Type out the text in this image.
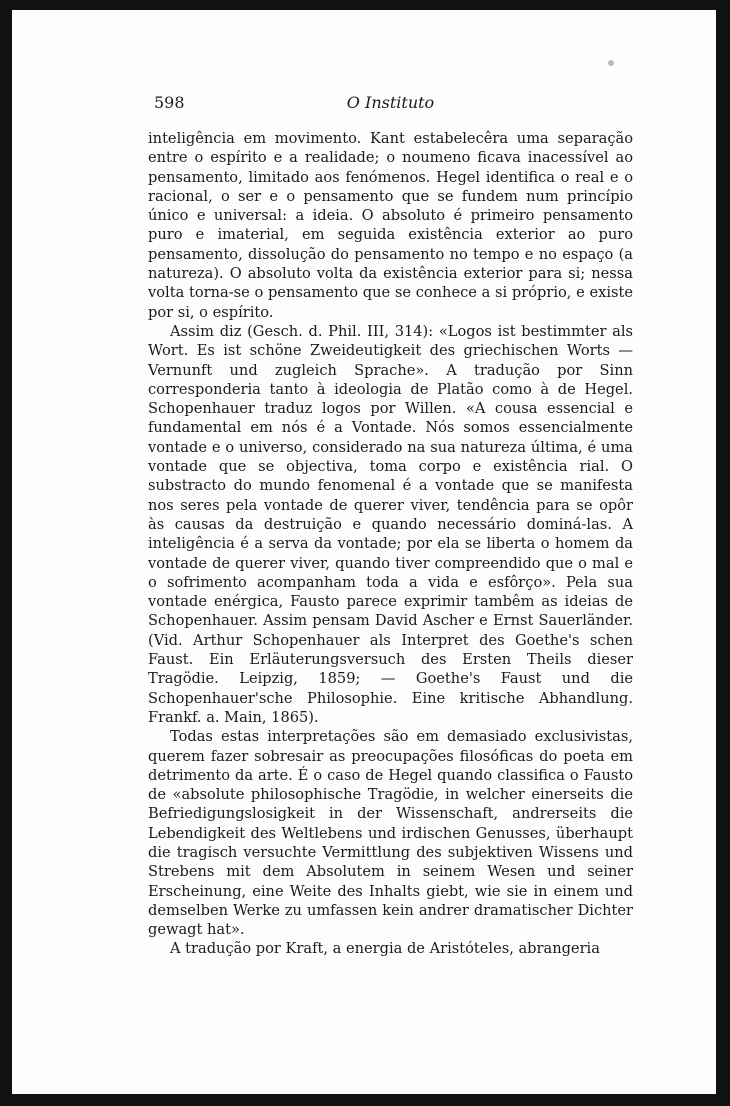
598	O Instituto

inteligência em movimento. Kant estabelecêra uma separação entre o espírito e a realidade; o noumeno ficava inacessível ao pensamento, limitado aos fenómenos. Hegel identifica o real e o racional, o ser e o pensamento que se fundem num princípio único e universal: a ideia. O absoluto é primeiro pensamento puro e imaterial, em seguida existência exterior ao puro pensamento, dissolução do pensamento no tempo e no espaço (a natureza). O absoluto volta da existência exterior para si; nessa volta torna-se o pensamento que se conhece a si próprio, e existe por si, o espírito.

Assim diz (Gesch. d. Phil. III, 314): «Logos ist bestimmter als Wort. Es ist schöne Zweideutigkeit des griechischen Worts — Vernunft und zugleich Sprache». A tradução por Sinn corresponderia tanto à ideologia de Platão como à de Hegel. Schopenhauer traduz logos por Willen. «A cousa essencial e fundamental em nós é a Vontade. Nós somos essencialmente vontade e o universo, considerado na sua natureza última, é uma vontade que se objectiva, toma corpo e existência rial. O substracto do mundo fenomenal é a vontade que se manifesta nos seres pela vontade de querer viver, tendência para se opôr às causas da destruição e quando necessário dominá-las. A inteligência é a serva da vontade; por ela se liberta o homem da vontade de querer viver, quando tiver compreendido que o mal e o sofrimento acompanham toda a vida e esfôrço». Pela sua vontade enérgica, Fausto parece exprimir tambêm as ideias de Schopenhauer. Assim pensam David Ascher e Ernst Sauerländer. (Vid. Arthur Schopenhauer als Interpret des Goethe's schen Faust. Ein Erläuterungsversuch des Ersten Theils dieser Tragödie. Leipzig, 1859; — Goethe's Faust und die Schopenhauer'sche Philosophie. Eine kritische Abhandlung. Frankf. a. Main, 1865).

Todas estas interpretações são em demasiado exclusivistas, querem fazer sobresair as preocupações filosóficas do poeta em detrimento da arte. É o caso de Hegel quando classifica o Fausto de «absolute philosophische Tragödie, in welcher einerseits die Befriedigungslosigkeit in der Wissenschaft, andrerseits die Lebendigkeit des Weltlebens und irdischen Genusses, überhaupt die tragisch versuchte Vermittlung des subjektiven Wissens und Strebens mit dem Absolutem in seinem Wesen und seiner Erscheinung, eine Weite des Inhalts giebt, wie sie in einem und demselben Werke zu umfassen kein andrer dramatischer Dichter gewagt hat».

A tradução por Kraft, a energia de Aristóteles, abrangeria
